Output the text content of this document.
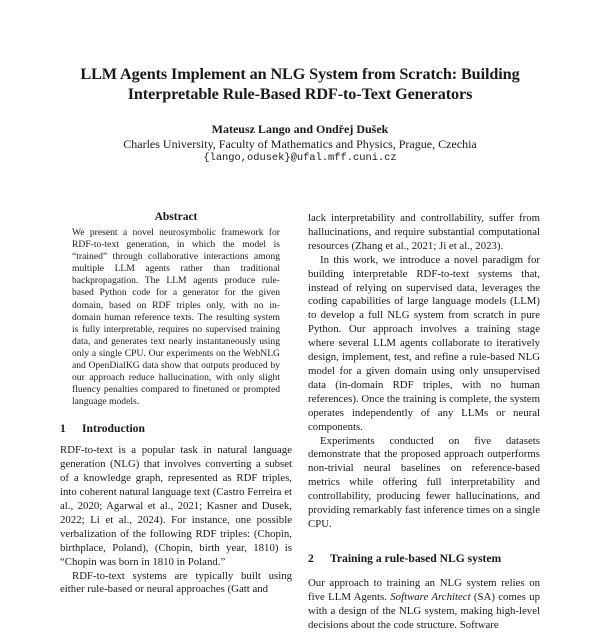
LLM Agents Implement an NLG System from Scratch: Building
Interpretable Rule-Based RDF-to-Text Generators
Mateusz Lango and Ondřej Dušek
Charles University, Faculty of Mathematics and Physics, Prague, Czechia
{lango,odusek}@ufal.mff.cuni.cz
Abstract

We present a novel neurosymbolic framework for RDF-to-text generation, in which the model is “trained” through collaborative interactions among multiple LLM agents rather than traditional backpropagation. The LLM agents produce rule-based Python code for a generator for the given domain, based on RDF triples only, with no in-domain human reference texts. The resulting system is fully interpretable, requires no supervised training data, and generates text nearly instantaneously using only a single CPU. Our experiments on the WebNLG and OpenDialKG data show that outputs produced by our approach reduce hallucination, with only slight fluency penalties compared to finetuned or prompted language models.

1 Introduction

RDF-to-text is a popular task in natural language generation (NLG) that involves converting a subset of a knowledge graph, represented as RDF triples, into coherent natural language text (Castro Ferreira et al., 2020; Agarwal et al., 2021; Kasner and Dusek, 2022; Li et al., 2024). For instance, one possible verbalization of the following RDF triples: (Chopin, birthplace, Poland), (Chopin, birth year, 1810) is “Chopin was born in 1810 in Poland.”

RDF-to-text systems are typically built using either rule-based or neural approaches (Gatt and

lack interpretability and controllability, suffer from hallucinations, and require substantial computational resources (Zhang et al., 2021; Ji et al., 2023).

In this work, we introduce a novel paradigm for building interpretable RDF-to-text systems that, instead of relying on supervised data, leverages the coding capabilities of large language models (LLM) to develop a full NLG system from scratch in pure Python. Our approach involves a training stage where several LLM agents collaborate to iteratively design, implement, test, and refine a rule-based NLG model for a given domain using only unsupervised data (in-domain RDF triples, with no human references). Once the training is complete, the system operates independently of any LLMs or neural components.

Experiments conducted on five datasets demonstrate that the proposed approach outperforms non-trivial neural baselines on reference-based metrics while offering full interpretability and controllability, producing fewer hallucinations, and providing remarkably fast inference times on a single CPU.

2 Training a rule-based NLG system

Our approach to training an NLG system relies on five LLM Agents. Software Architect (SA) comes up with a design of the NLG system, making high-level decisions about the code structure. Software
